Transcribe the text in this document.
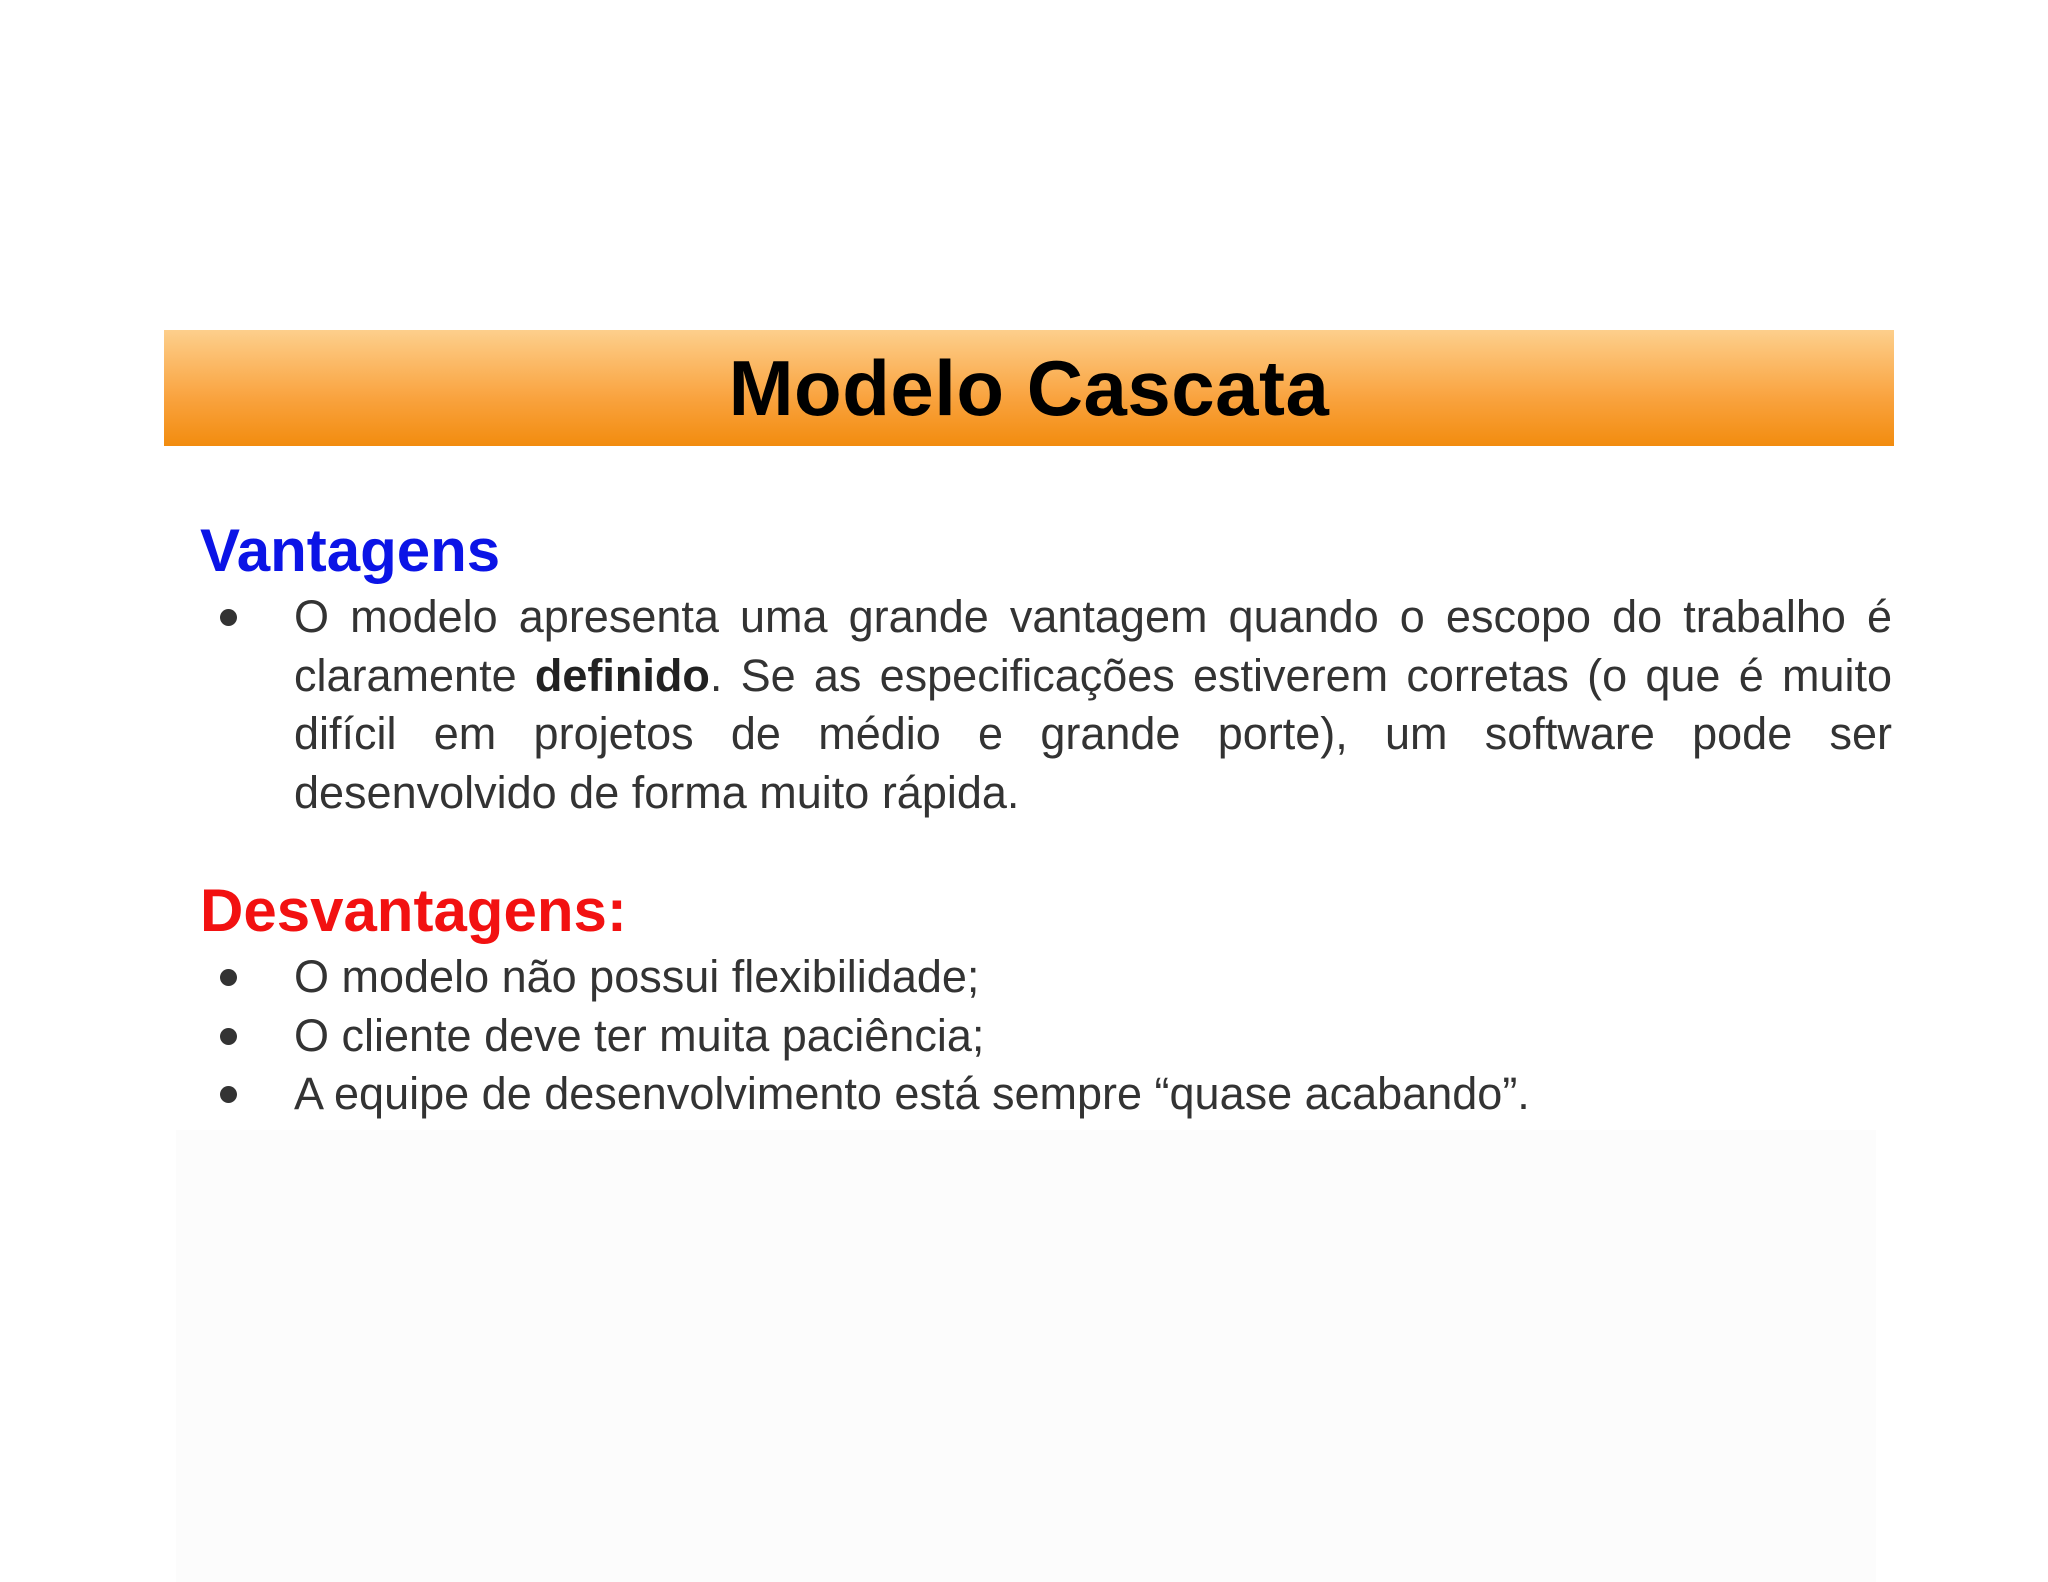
Modelo Cascata
Vantagens
O modelo apresenta uma grande vantagem quando o escopo do trabalho é claramente definido. Se as especificações estiverem corretas (o que é muito difícil em projetos de médio e grande porte), um software pode ser desenvolvido de forma muito rápida.
Desvantagens:
O modelo não possui flexibilidade;
O cliente deve ter muita paciência;
A equipe de desenvolvimento está sempre “quase acabando”.
